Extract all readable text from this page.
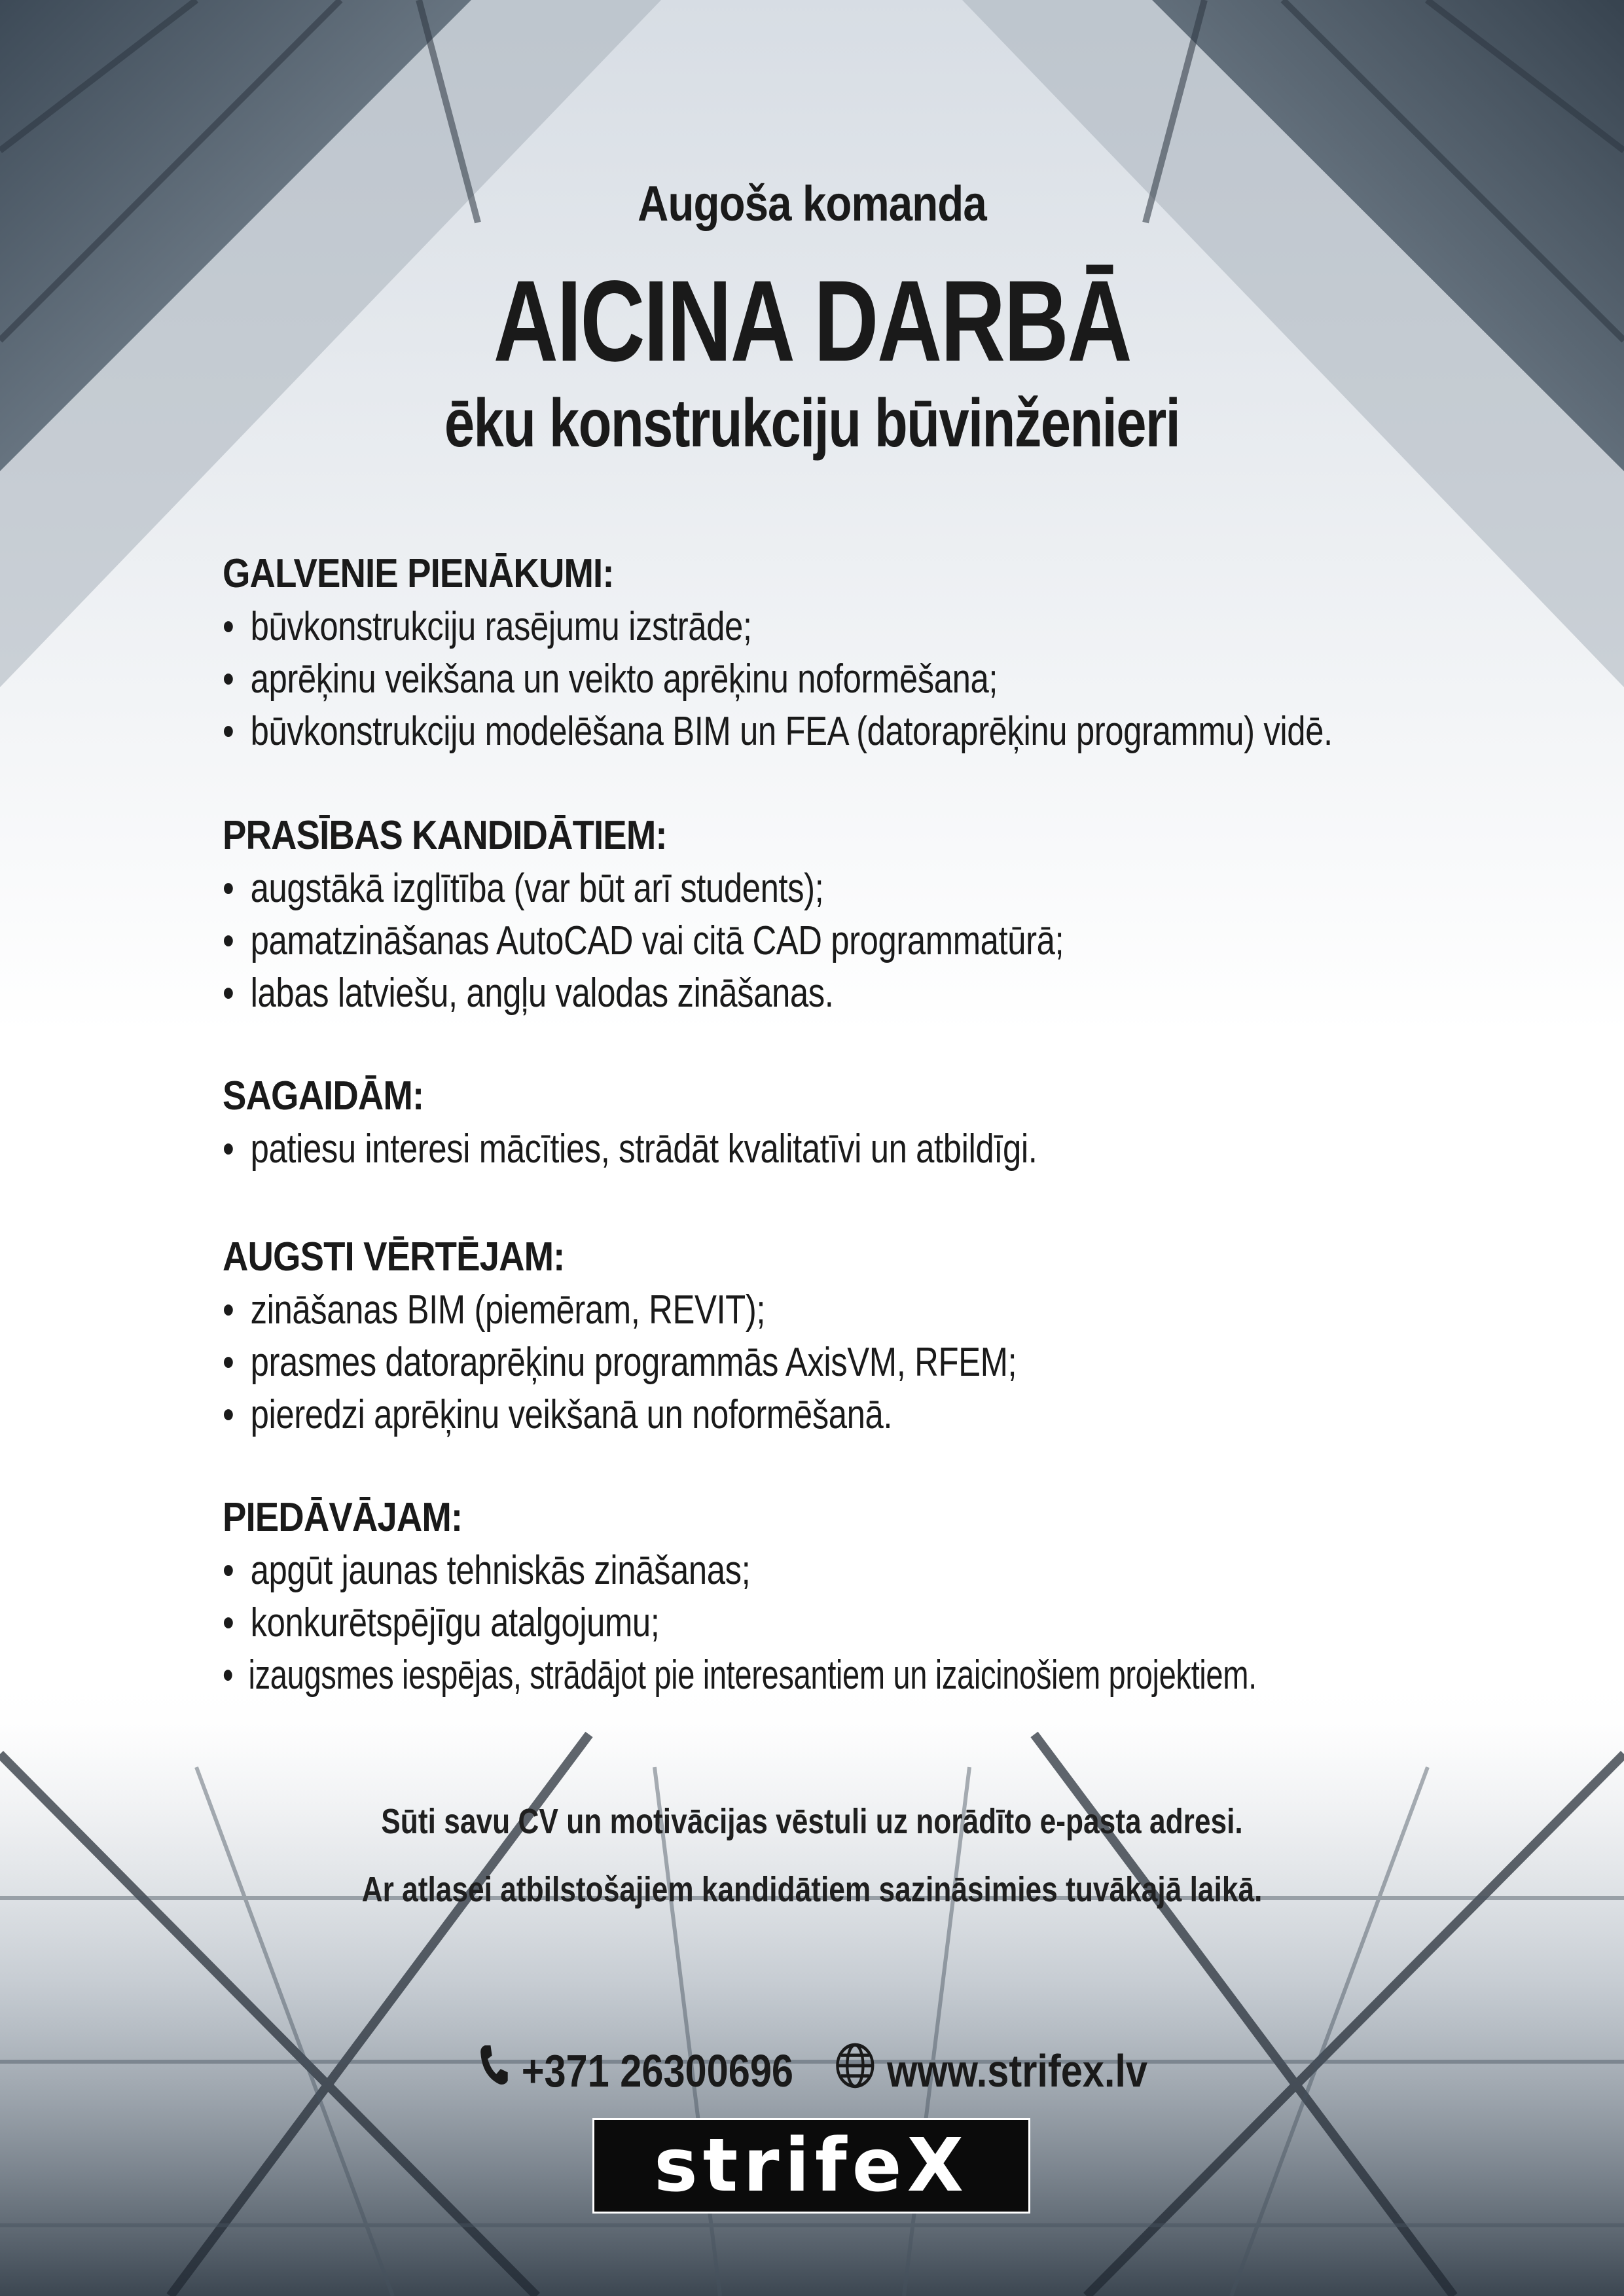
Augoša komanda
AICINA DARBĀ
ēku konstrukciju būvinženieri
GALVENIE PIENĀKUMI:
• būvkonstrukciju rasējumu izstrāde;
• aprēķinu veikšana un veikto aprēķinu noformēšana;
• būvkonstrukciju modelēšana BIM un FEA (datoraprēķinu programmu) vidē.
PRASĪBAS KANDIDĀTIEM:
• augstākā izglītība (var būt arī students);
• pamatzināšanas AutoCAD vai citā CAD programmatūrā;
• labas latviešu, angļu valodas zināšanas.
SAGAIDĀM:
• patiesu interesi mācīties, strādāt kvalitatīvi un atbildīgi.
AUGSTI VĒRTĒJAM:
• zināšanas BIM (piemēram, REVIT);
• prasmes datoraprēķinu programmās AxisVM, RFEM;
• pieredzi aprēķinu veikšanā un noformēšanā.
PIEDĀVĀJAM:
• apgūt jaunas tehniskās zināšanas;
• konkurētspējīgu atalgojumu;
• izaugsmes iespējas, strādājot pie interesantiem un izaicinošiem projektiem.
Sūti savu CV un motivācijas vēstuli uz norādīto e-pasta adresi.
Ar atlasei atbilstošajiem kandidātiem sazināsimies tuvākajā laikā.
+371 26300696 www.strifex.lv
strifeX
